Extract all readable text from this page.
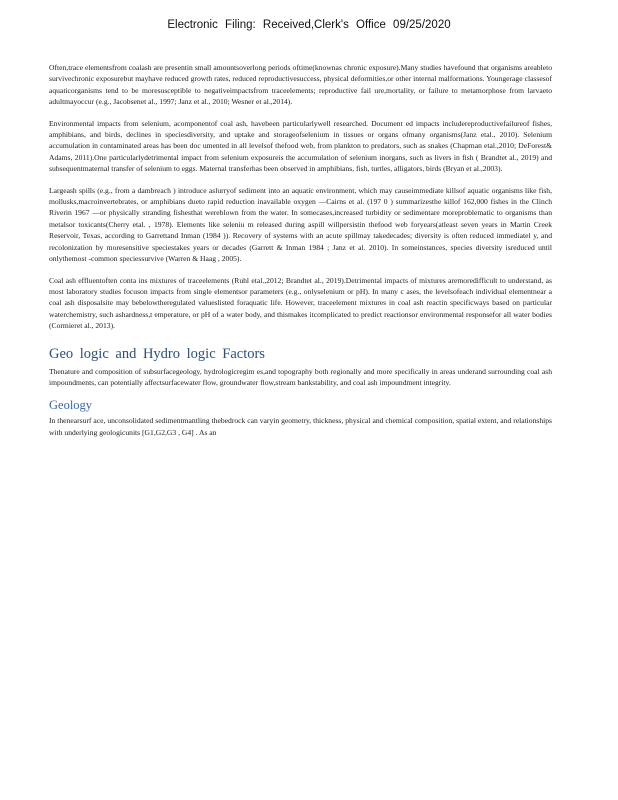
Electronic Filing: Received,Clerk's Office 09/25/2020

Often,trace elementsfrom coalash are presentin small amountsoverlong periods oftime(knownas chronic exposure).Many studies havefound that organisms areableto survivechronic exposurebut mayhave reduced growth rates, reduced reproductivesuccess, physical deformities,or other internal malformations. Youngerage classesof aquaticorganisms tend to be moresusceptible to negativeimpactsfrom traceelements; reproductive fail ure,mortality, or failure to metamorphose from larvaeto adultmayoccur (e.g., Jacobsenet al., 1997; Janz et al., 2010; Wesner et al.,2014).

Environmental impacts from selenium, acomponentof coal ash, havebeen particularlywell researched. Document ed impacts includereproductivefailureof fishes, amphibians, and birds, declines in speciesdiversity, and uptake and storageofselenium in tissues or organs ofmany organisms(Janz etal., 2010). Selenium accumulation in contaminated areas has been doc umented in all levelsof thefood web, from plankton to predators, such as snakes (Chapman etal.,2010; DeForest& Adams, 2011).One particularlydetrimental impact from selenium exposureis the accumulation of selenium inorgans, such as livers in fish ( Brandtet al., 2019) and subsequentmaternal transfer of selenium to eggs. Maternal transferhas been observed in amphibians, fish, turtles, alligators, birds (Bryan et al.,2003).

Largeash spills (e.g., from a dambreach ) introduce aslurryof sediment into an aquatic environment, which may causeimmediate killsof aquatic organisms like fish, mollusks,macroinvertebrates, or amphibians dueto rapid reduction inavailable oxygen —Cairns et al. (197 0 ) summarizesthe killof 162,000 fishes in the Clinch Riverin 1967 —or physically stranding fishesthat wereblown from the water. In somecases,increased turbidity or sedimentare moreproblematic to organisms than metalsor toxicants(Cherry etal. , 1978). Elements like seleniu m released during aspill willpersistin thefood web foryears(atleast seven years in Martin Creek Reservoir, Texas, according to Garrettand Inman (1984 )). Recovery of systems with an acute spillmay takedecades; diversity is often reduced immediatel y, and recolonization by moresensitive speciestakes years or decades (Garrett & Inman 1984 ; Janz et al. 2010). In someinstances, species diversity isreduced until onlythemost -common speciessurvive (Warren & Haag , 2005).

Coal ash effluentoften conta ins mixtures of traceelements (Ruhl etal.,2012; Brandtet al., 2019).Detrimental impacts of mixtures aremoredifficult to understand, as most laboratory studies focuson impacts from single elementsor parameters (e.g., onlyselenium or pH). In many c ases, the levelsofeach individual elementnear a coal ash disposalsite may bebelowtheregulated valueslisted foraquatic life. However, traceelement mixtures in coal ash reactin specificways based on particular waterchemistry, such ashardness,t emperature, or pH of a water body, and thismakes itcomplicated to predict reactionsor environmental responsefor all water bodies (Cormieret al., 2013).

Geo logic and Hydro logic Factors

Thenature and composition of subsurfacegeology, hydrologicregim es,and topography both regionally and more specifically in areas underand surrounding coal ash impoundments, can potentially affectsurfacewater flow, groundwater flow,stream bankstability, and coal ash impoundment integrity.

Geology

In thenearsurf ace, unconsolidated sedimentmantling thebedrock can varyin geometry, thickness, physical and chemical composition, spatial extent, and relationships with underlying geologicunits [G1,G2,G3 , G4] . As an
